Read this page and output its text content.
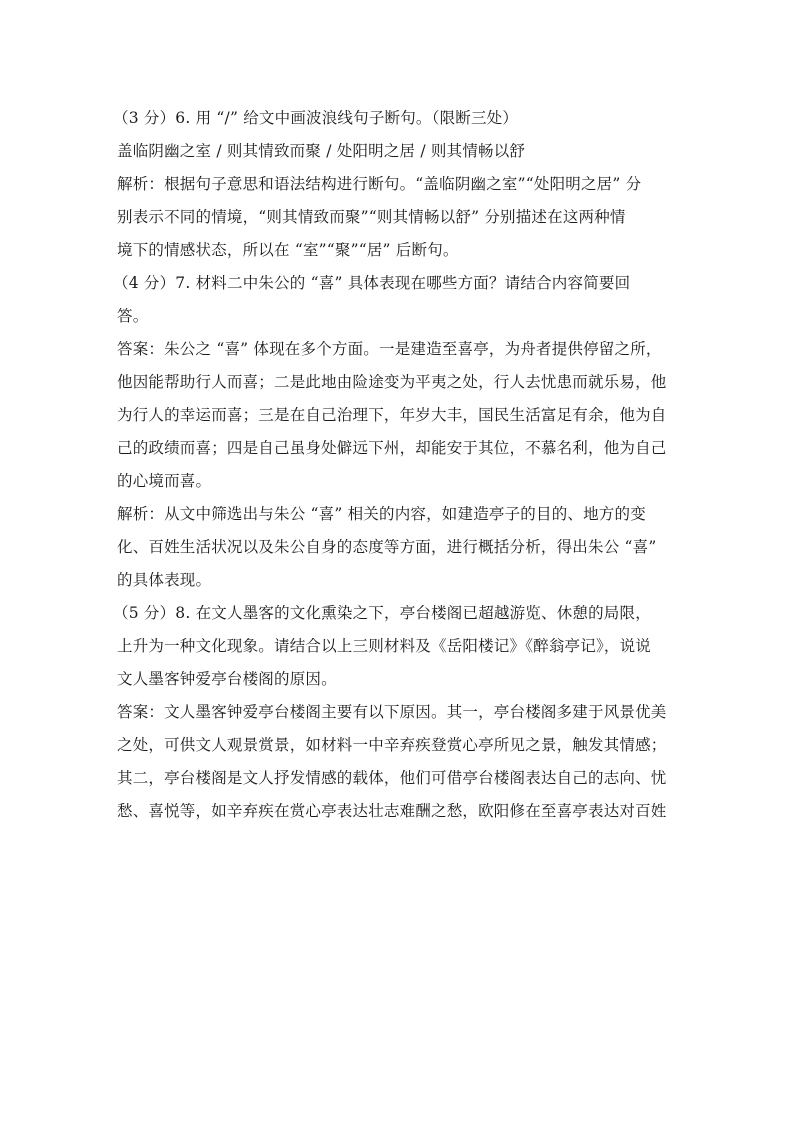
（3 分）6. 用 “/” 给文中画波浪线句子断句。（限断三处）
盖临阴幽之室 / 则其情致而聚 / 处阳明之居 / 则其情畅以舒
解析：根据句子意思和语法结构进行断句。“盖临阴幽之室”“处阳明之居” 分
别表示不同的情境，“则其情致而聚”“则其情畅以舒” 分别描述在这两种情
境下的情感状态，所以在 “室”“聚”“居” 后断句。
（4 分）7. 材料二中朱公的 “喜” 具体表现在哪些方面？请结合内容简要回
答。
答案：朱公之 “喜” 体现在多个方面。一是建造至喜亭，为舟者提供停留之所，
他因能帮助行人而喜；二是此地由险途变为平夷之处，行人去忧患而就乐易，他
为行人的幸运而喜；三是在自己治理下，年岁大丰，国民生活富足有余，他为自
己的政绩而喜；四是自己虽身处僻远下州，却能安于其位，不慕名利，他为自己
的心境而喜。
解析：从文中筛选出与朱公 “喜” 相关的内容，如建造亭子的目的、地方的变
化、百姓生活状况以及朱公自身的态度等方面，进行概括分析，得出朱公 “喜”
的具体表现。
（5 分）8. 在文人墨客的文化熏染之下，亭台楼阁已超越游览、休憩的局限，
上升为一种文化现象。请结合以上三则材料及《岳阳楼记》《醉翁亭记》，说说
文人墨客钟爱亭台楼阁的原因。
答案：文人墨客钟爱亭台楼阁主要有以下原因。其一，亭台楼阁多建于风景优美
之处，可供文人观景赏景，如材料一中辛弃疾登赏心亭所见之景，触发其情感；
其二，亭台楼阁是文人抒发情感的载体，他们可借亭台楼阁表达自己的志向、忧
愁、喜悦等，如辛弃疾在赏心亭表达壮志难酬之愁，欧阳修在至喜亭表达对百姓
